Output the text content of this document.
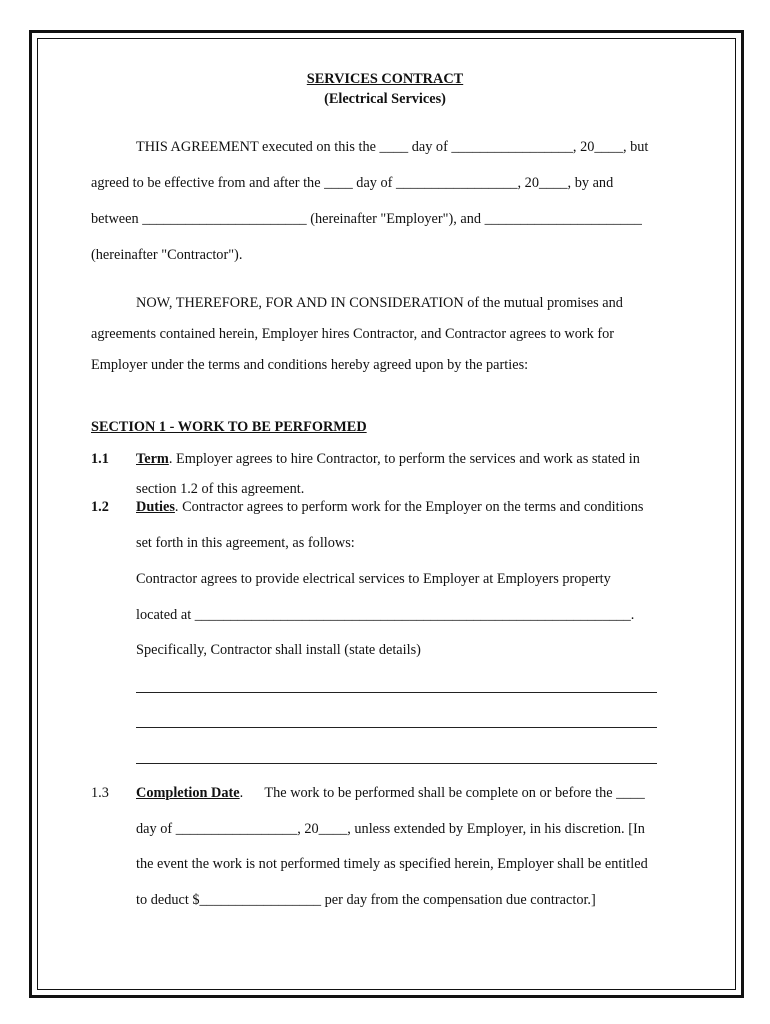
SERVICES CONTRACT
(Electrical Services)
THIS AGREEMENT executed on this the ____ day of _________________, 20____, but
agreed to be effective from and after the ____ day of _________________, 20____, by and
between _______________________ (hereinafter "Employer"), and ______________________
(hereinafter "Contractor").
NOW, THEREFORE, FOR AND IN CONSIDERATION of the mutual promises and
agreements contained herein, Employer hires Contractor, and Contractor agrees to work for
Employer under the terms and conditions hereby agreed upon by the parties:
SECTION 1 - WORK TO BE PERFORMED
1.1 Term. Employer agrees to hire Contractor, to perform the services and work as stated in
section 1.2 of this agreement.
1.2 Duties. Contractor agrees to perform work for the Employer on the terms and conditions
set forth in this agreement, as follows:
Contractor agrees to provide electrical services to Employer at Employers property
located at _____________________________________________________________.
Specifically, Contractor shall install (state details)
1.3 Completion Date.      The work to be performed shall be complete on or before the ____
day of _________________, 20____, unless extended by Employer, in his discretion. [In
the event the work is not performed timely as specified herein, Employer shall be entitled
to deduct $_________________ per day from the compensation due contractor.]
